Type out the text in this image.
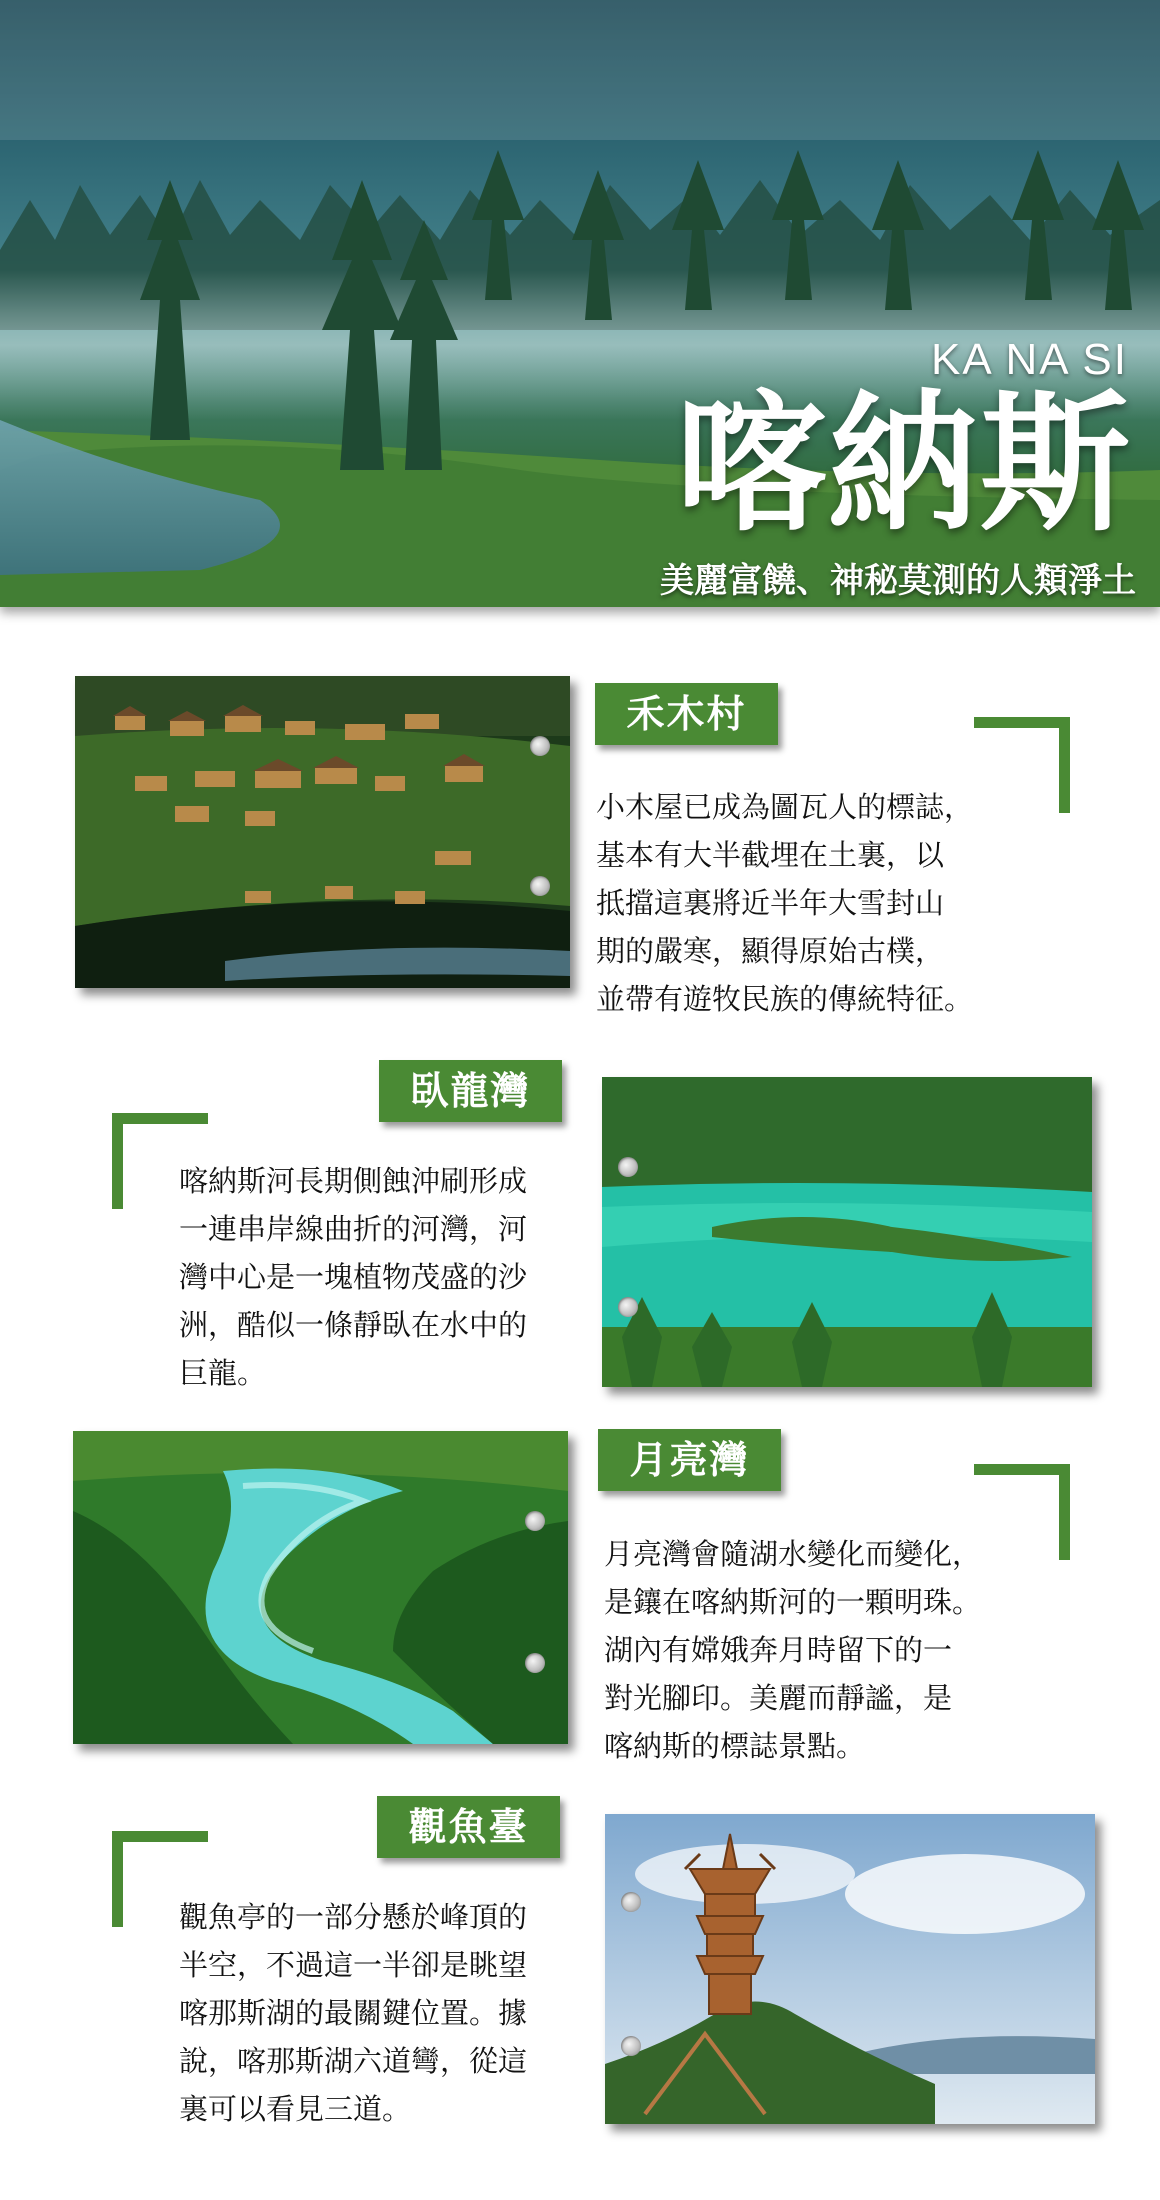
KA NA SI
喀納斯
美麗富饒、神秘莫測的人類淨土
禾木村
小木屋已成為圖瓦人的標誌，
基本有大半截埋在土裏，以
抵擋這裏將近半年大雪封山
期的嚴寒，顯得原始古樸，
並帶有遊牧民族的傳統特征。
臥龍灣
喀納斯河長期側蝕沖刷形成
一連串岸線曲折的河灣，河
灣中心是一塊植物茂盛的沙
洲，酷似一條靜臥在水中的
巨龍。
月亮灣
月亮灣會隨湖水變化而變化，
是鑲在喀納斯河的一顆明珠。
湖內有嫦娥奔月時留下的一
對光腳印。美麗而靜謐，是
喀納斯的標誌景點。
觀魚臺
觀魚亭的一部分懸於峰頂的
半空，不過這一半卻是眺望
喀那斯湖的最關鍵位置。據
說，喀那斯湖六道彎，從這
裏可以看見三道。
